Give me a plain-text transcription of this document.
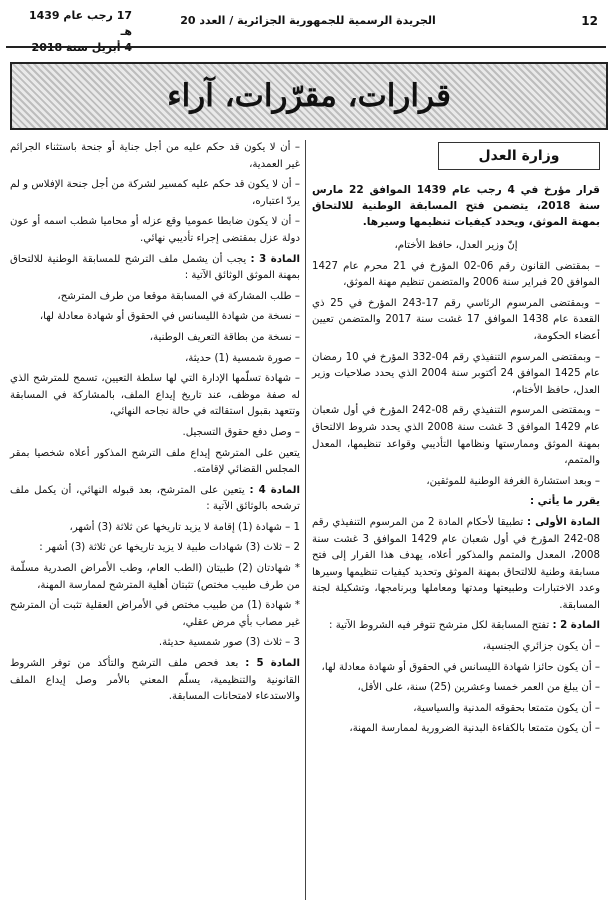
12
الجريدة الرسمية للجمهورية الجزائرية / العدد 20
17 رجب عام 1439 هـ
4 أبريل سنة 2018
قرارات، مقرّرات، آراء
وزارة العدل

قرار مؤرخ في 4 رجب عام 1439 الموافق 22 مارس سنة 2018، يتضمن فتح المسابقة الوطنية للالتحاق بمهنة الموثق، ويحدد كيفيات تنظيمها وسيرها.

إنّ وزير العدل، حافظ الأختام،

– بمقتضى القانون رقم 06-02 المؤرخ في 21 محرم عام 1427 الموافق 20 فبراير سنة 2006 والمتضمن تنظيم مهنة الموثق،

– وبمقتضى المرسوم الرئاسي رقم 17-243 المؤرخ في 25 ذي القعدة عام 1438 الموافق 17 غشت سنة 2017 والمتضمن تعيين أعضاء الحكومة،

– وبمقتضى المرسوم التنفيذي رقم 04-332 المؤرخ في 10 رمضان عام 1425 الموافق 24 أكتوبر سنة 2004 الذي يحدد صلاحيات وزير العدل، حافظ الأختام،

– وبمقتضى المرسوم التنفيذي رقم 08-242 المؤرخ في أول شعبان عام 1429 الموافق 3 غشت سنة 2008 الذي يحدد شروط الالتحاق بمهنة الموثق وممارستها ونظامها التأديبي وقواعد تنظيمها، المعدل والمتمم،

– وبعد استشارة الغرفة الوطنية للموثقين،

يقرر ما يأتي :

المادة الأولى : تطبيقا لأحكام المادة 2 من المرسوم التنفيذي رقم 08-242 المؤرخ في أول شعبان عام 1429 الموافق 3 غشت سنة 2008، المعدل والمتمم والمذكور أعلاه، يهدف هذا القرار إلى فتح مسابقة وطنية للالتحاق بمهنة الموثق وتحديد كيفيات تنظيمها وسيرها وعدد الاختبارات وطبيعتها ومدتها ومعاملها وبرنامجها، وتشكيلة لجنة المسابقة.

المادة 2 : تفتح المسابقة لكل مترشح تتوفر فيه الشروط الآتية :

– أن يكون جزائري الجنسية،

– أن يكون حائزا شهادة الليسانس في الحقوق أو شهادة معادلة لها،

– أن يبلغ من العمر خمسا وعشرين (25) سنة، على الأقل،

– أن يكون متمتعا بحقوقه المدنية والسياسية،

– أن يكون متمتعا بالكفاءة البدنية الضرورية لممارسة المهنة،

– أن لا يكون قد حكم عليه من أجل جناية أو جنحة باستثناء الجرائم غير العمدية،

– أن لا يكون قد حكم عليه كمسير لشركة من أجل جنحة الإفلاس و لم يردّ اعتباره،

– أن لا يكون ضابطا عموميا وقع عزله أو محاميا شطب اسمه أو عون دولة عزل بمقتضى إجراء تأديبي نهائي.

المادة 3 : يجب أن يشمل ملف الترشح للمسابقة الوطنية للالتحاق بمهنة الموثق الوثائق الآتية :

– طلب المشاركة في المسابقة موقعا من طرف المترشح،

– نسخة من شهادة الليسانس في الحقوق أو شهادة معادلة لها،

– نسخة من بطاقة التعريف الوطنية،

– صورة شمسية (1) حديثة،

– شهادة تسلّمها الإدارة التي لها سلطة التعيين، تسمح للمترشح الذي له صفة موظف، عند تاريخ إيداع الملف، بالمشاركة في المسابقة وتتعهد بقبول استقالته في حالة نجاحه النهائي،

– وصل دفع حقوق التسجيل.

يتعين على المترشح إيداع ملف الترشح المذكور أعلاه شخصيا بمقر المجلس القضائي لإقامته.

المادة 4 : يتعين على المترشح، بعد قبوله النهائي، أن يكمل ملف ترشحه بالوثائق الآتية :

1 – شهادة (1) إقامة لا يزيد تاريخها عن ثلاثة (3) أشهر،

2 – ثلاث (3) شهادات طبية لا يزيد تاريخها عن ثلاثة (3) أشهر :

* شهادتان (2) طبيتان (الطب العام، وطب الأمراض الصدرية مسلّمة من طرف طبيب مختص) تثبتان أهلية المترشح لممارسة المهنة،

* شهادة (1) من طبيب مختص في الأمراض العقلية تثبت أن المترشح غير مصاب بأي مرض عقلي،

3 – ثلاث (3) صور شمسية حديثة.

المادة 5 : بعد فحص ملف الترشح والتأكد من توفر الشروط القانونية والتنظيمية، يسلّم المعني بالأمر وصل إيداع الملف والاستدعاء لامتحانات المسابقة.
